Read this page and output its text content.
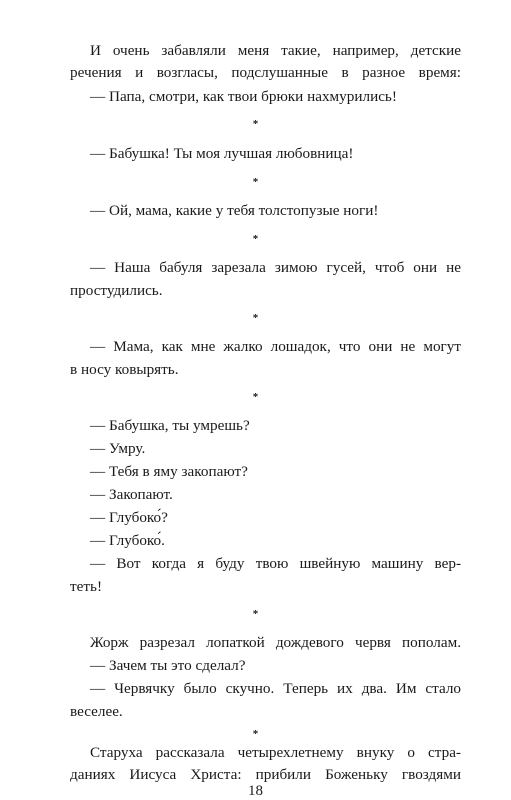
И очень забавляли меня такие, например, детские
речения и возгласы, подслушанные в разное время:
— Папа, смотри, как твои брюки нахмурились!
*
— Бабушка! Ты моя лучшая любовница!
*
— Ой, мама, какие у тебя толстопузые ноги!
*
— Наша бабуля зарезала зимою гусей, чтоб они не
простудились.
*
— Мама, как мне жалко лошадок, что они не могут
в носу ковырять.
*
— Бабушка, ты умрешь?
— Умру.
— Тебя в яму закопают?
— Закопают.
— Глубоко́?
— Глубоко́.
— Вот когда я буду твою швейную машину вер-
теть!
*
Жорж разрезал лопаткой дождевого червя пополам.
— Зачем ты это сделал?
— Червячку было скучно. Теперь их два. Им стало
веселее.
*
Старуха рассказала четырехлетнему внуку о стра-
даниях Иисуса Христа: прибили Боженьку гвоздями
18
